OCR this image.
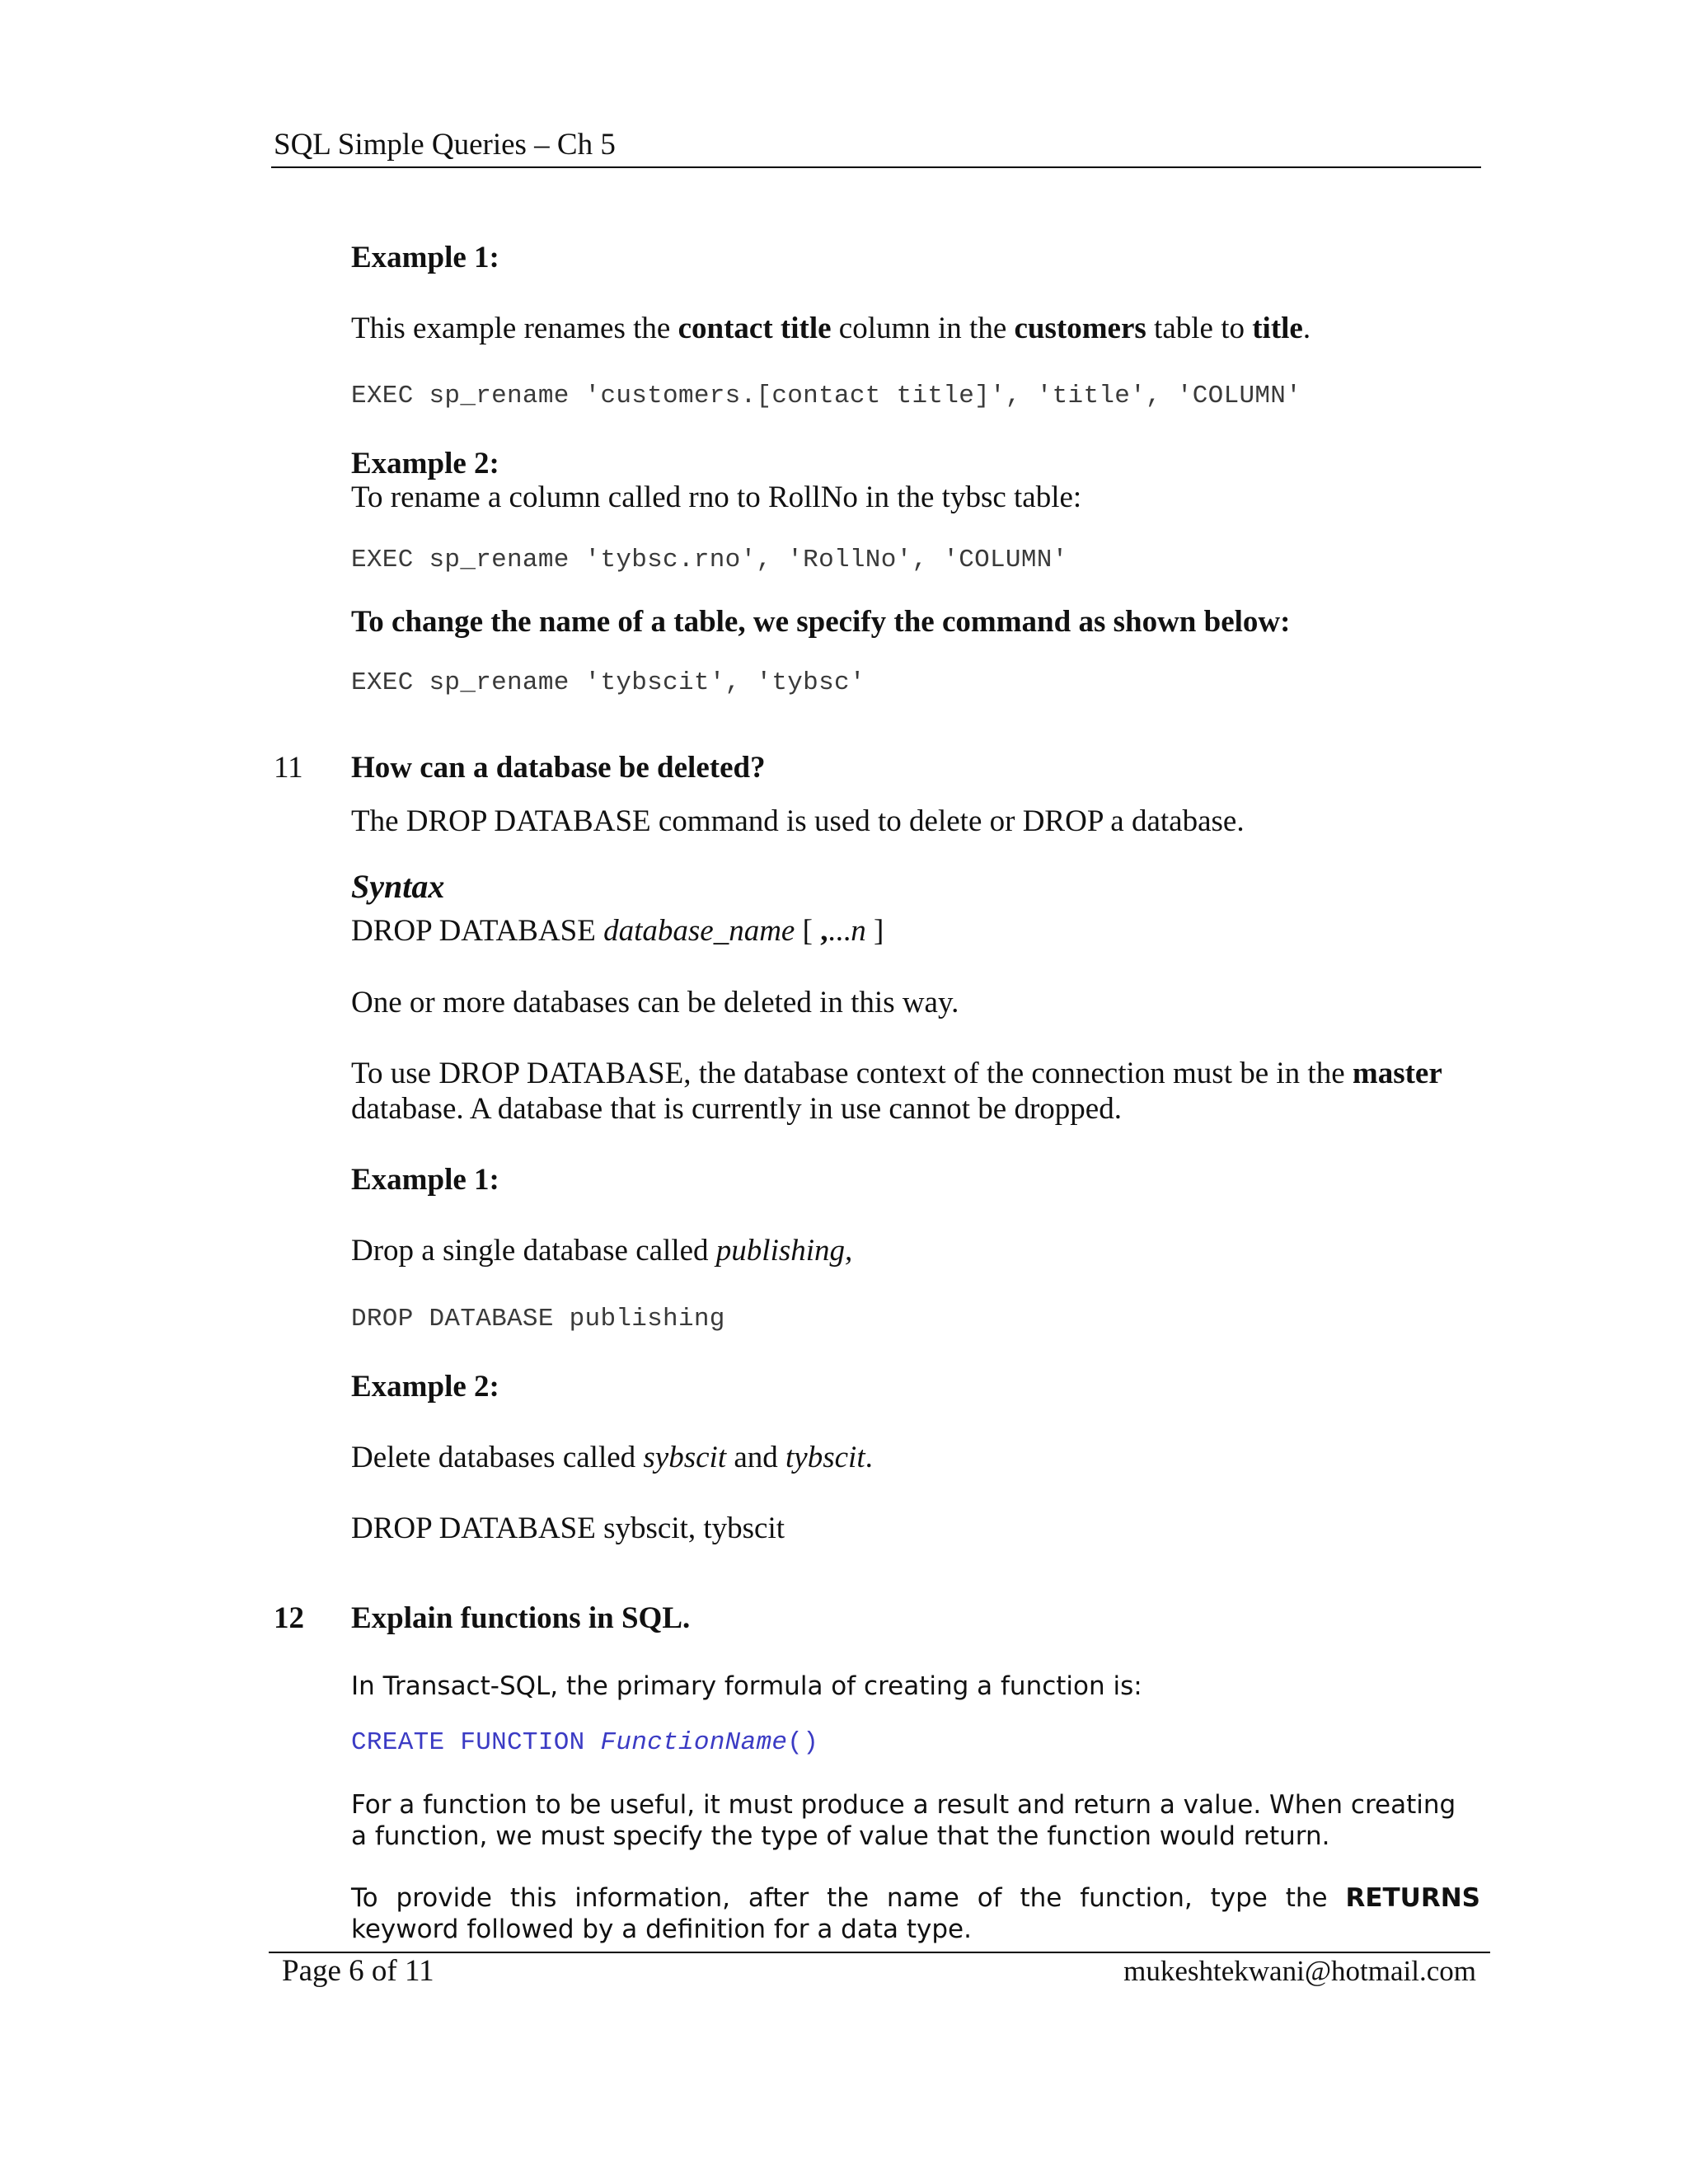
SQL Simple Queries – Ch 5
Example 1:
This example renames the contact title column in the customers table to title.
EXEC sp_rename 'customers.[contact title]', 'title', 'COLUMN'
Example 2:
To rename a column called rno to RollNo in the tybsc table:
EXEC sp_rename 'tybsc.rno', 'RollNo', 'COLUMN'
To change the name of a table, we specify the command as shown below:
EXEC sp_rename 'tybscit', 'tybsc'
11 How can a database be deleted?
The DROP DATABASE command is used to delete or DROP a database.
Syntax
DROP DATABASE database_name [ ,...n ]
One or more databases can be deleted in this way.
To use DROP DATABASE, the database context of the connection must be in the master
database. A database that is currently in use cannot be dropped.
Example 1:
Drop a single database called publishing,
DROP DATABASE publishing
Example 2:
Delete databases called sybscit and tybscit.
DROP DATABASE sybscit, tybscit
12 Explain functions in SQL.
In Transact-SQL, the primary formula of creating a function is:
CREATE FUNCTION FunctionName()
For a function to be useful, it must produce a result and return a value. When creating
a function, we must specify the type of value that the function would return.
To provide this information, after the name of the function, type the RETURNS
keyword followed by a definition for a data type.
Page 6 of 11	mukeshtekwani@hotmail.com
